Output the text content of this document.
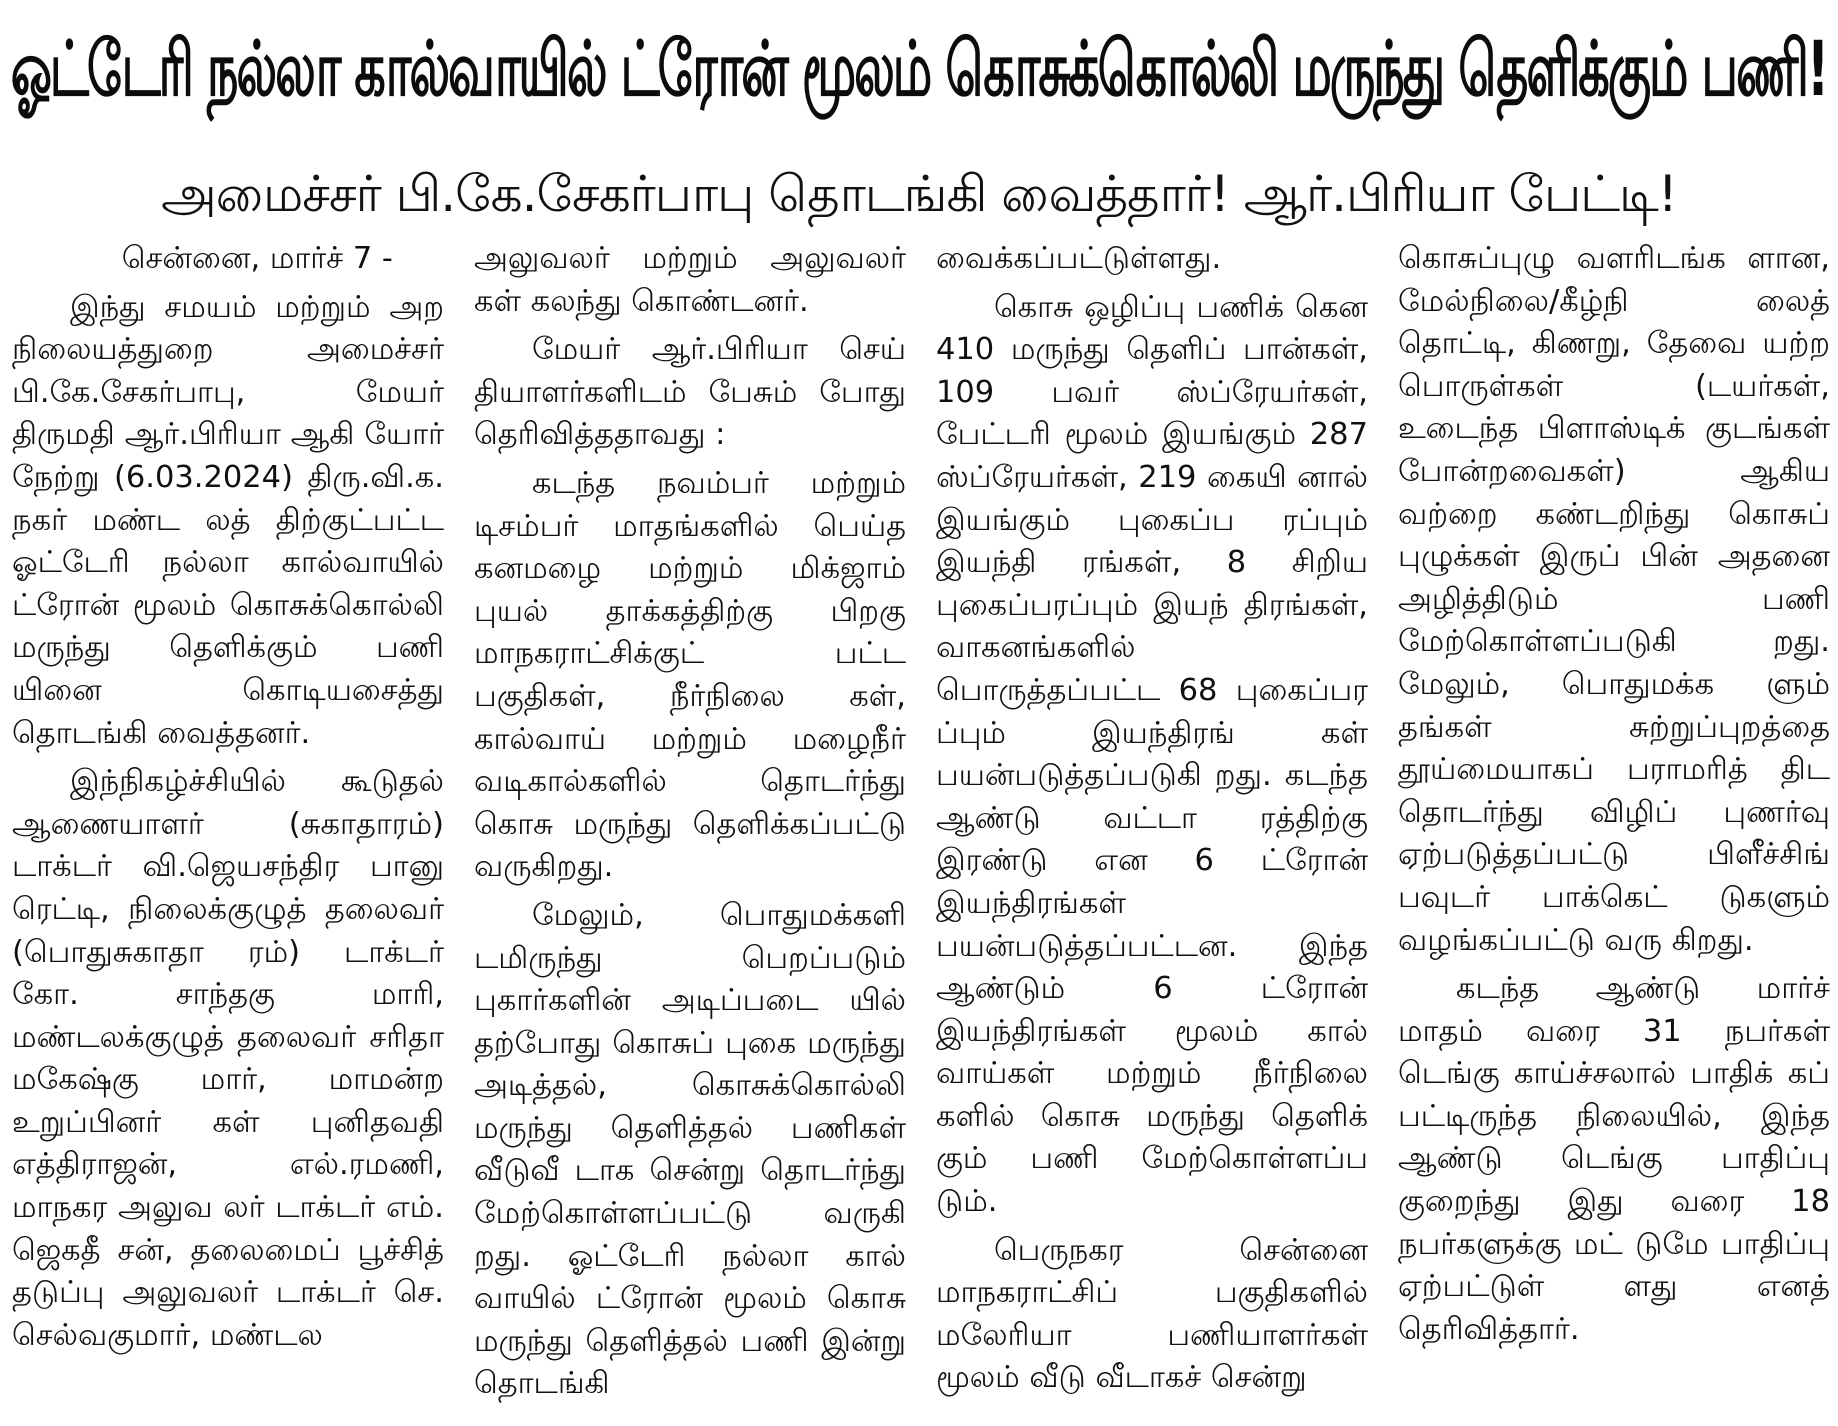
ஓட்டேரி நல்லா கால்வாயில் ட்ரோன் மூலம் கொசுக்கொல்லி மருந்து தெளிக்கும் பணி!
அமைச்சர் பி.கே.சேகர்பாபு தொடங்கி வைத்தார்! ஆர்.பிரியா பேட்டி!

சென்னை, மார்ச் 7 -

இந்து சமயம் மற்றும் அற நிலையத்துறை அமைச்சர் பி.கே.சேகர்பாபு, மேயர் திருமதி ஆர்.பிரியா ஆகி யோர் நேற்று (6.03.2024) திரு.வி.க. நகர் மண்ட லத் திற்குட்பட்ட ஓட்டேரி நல்லா கால்வாயில் ட்ரோன் மூலம் கொசுக்கொல்லி மருந்து தெளிக்கும் பணி யினை கொடியசைத்து தொடங்கி வைத்தனர்.

இந்நிகழ்ச்சியில் கூடுதல் ஆணையாளர் (சுகாதாரம்) டாக்டர் வி.ஜெயசந்திர பானு ரெட்டி, நிலைக்குழுத் தலைவர் (பொதுசுகாதா ரம்) டாக்டர் கோ. சாந்தகு மாரி, மண்டலக்குழுத் தலைவர் சரிதா மகேஷ்கு மார், மாமன்ற உறுப்பினர் கள் புனிதவதி எத்திராஜன், எல்.ரமணி, மாநகர அலுவ லர் டாக்டர் எம். ஜெகதீ சன், தலைமைப் பூச்சித் தடுப்பு அலுவலர் டாக்டர் செ. செல்வகுமார், மண்டல

அலுவலர் மற்றும் அலுவலர் கள் கலந்து கொண்டனர்.

மேயர் ஆர்.பிரியா செய் தியாளர்களிடம் பேசும் போது தெரிவித்ததாவது :

கடந்த நவம்பர் மற்றும் டிசம்பர் மாதங்களில் பெய்த கனமழை மற்றும் மிக்ஜாம் புயல் தாக்கத்திற்கு பிறகு மாநகராட்சிக்குட் பட்ட பகுதிகள், நீர்நிலை கள், கால்வாய் மற்றும் மழைநீர் வடிகால்களில் தொடர்ந்து கொசு மருந்து தெளிக்கப்பட்டு வருகிறது.

மேலும், பொதுமக்களி டமிருந்து பெறப்படும் புகார்களின் அடிப்படை யில் தற்போது கொசுப் புகை மருந்து அடித்தல், கொசுக்கொல்லி மருந்து தெளித்தல் பணிகள் வீடுவீ டாக சென்று தொடர்ந்து மேற்கொள்ளப்பட்டு வருகி றது. ஓட்டேரி நல்லா கால் வாயில் ட்ரோன் மூலம் கொசு மருந்து தெளித்தல் பணி இன்று தொடங்கி

வைக்கப்பட்டுள்ளது.

கொசு ஒழிப்பு பணிக் கென 410 மருந்து தெளிப் பான்கள், 109 பவர் ஸ்ப்ரேயர்கள், பேட்டரி மூலம் இயங்கும் 287 ஸ்ப்ரேயர்கள், 219 கையி னால் இயங்கும் புகைப்ப ரப்பும் இயந்தி ரங்கள், 8 சிறிய புகைப்பரப்பும் இயந் திரங்கள், வாகனங்களில் பொருத்தப்பட்ட 68 புகைப்பர ப்பும் இயந்திரங் கள் பயன்படுத்தப்படுகி றது. கடந்த ஆண்டு வட்டா ரத்திற்கு இரண்டு என 6 ட்ரோன் இயந்திரங்கள் பயன்படுத்தப்பட்டன. இந்த ஆண்டும் 6 ட்ரோன் இயந்திரங்கள் மூலம் கால் வாய்கள் மற்றும் நீர்நிலை களில் கொசு மருந்து தெளிக் கும் பணி மேற்கொள்ளப்ப டும்.

பெருநகர சென்னை மாநகராட்சிப் பகுதிகளில் மலேரியா பணியாளர்கள் மூலம் வீடு வீடாகச் சென்று

கொசுப்புழு வளரிடங்க ளான, மேல்நிலை/கீழ்நி லைத் தொட்டி, கிணறு, தேவை யற்ற பொருள்கள் (டயர்கள், உடைந்த பிளாஸ்டிக் குடங்கள் போன்றவைகள்) ஆகிய வற்றை கண்டறிந்து கொசுப் புழுக்கள் இருப் பின் அதனை அழித்திடும் பணி மேற்கொள்ளப்படுகி றது. மேலும், பொதுமக்க ளும் தங்கள் சுற்றுப்புறத்தை தூய்மையாகப் பராமரித் திட தொடர்ந்து விழிப் புணர்வு ஏற்படுத்தப்பட்டு பிளீச்சிங் பவுடர் பாக்கெட் டுகளும் வழங்கப்பட்டு வரு கிறது.

கடந்த ஆண்டு மார்ச் மாதம் வரை 31 நபர்கள் டெங்கு காய்ச்சலால் பாதிக் கப் பட்டிருந்த நிலையில், இந்த ஆண்டு டெங்கு பாதிப்பு குறைந்து இது வரை 18 நபர்களுக்கு மட் டுமே பாதிப்பு ஏற்பட்டுள் ளது எனத் தெரிவித்தார்.
